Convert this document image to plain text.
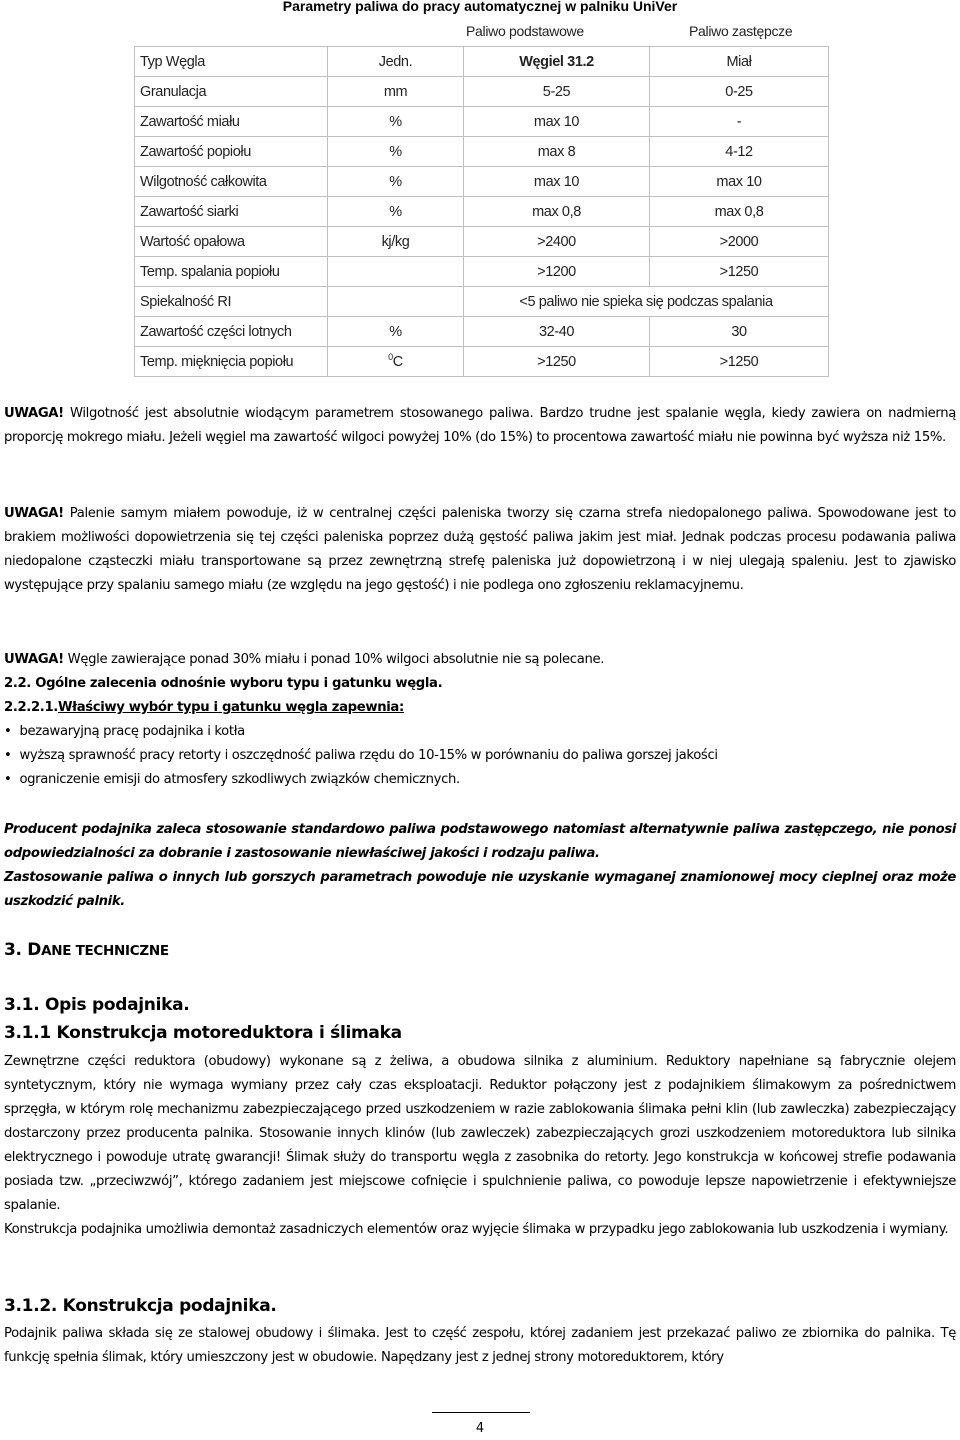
Parametry paliwa do pracy automatycznej w palniku UniVer
Paliwo podstawowe	Paliwo zastępcze
Typ Węgla	Jedn.	Węgiel 31.2	Miał
Granulacja	mm	5-25	0-25
Zawartość miału	%	max 10	-
Zawartość popiołu	%	max 8	4-12
Wilgotność całkowita	%	max 10	max 10
Zawartość siarki	%	max 0,8	max 0,8
Wartość opałowa	kj/kg	>2400	>2000
Temp. spalania popiołu		>1200	>1250
Spiekalność RI		<5 paliwo nie spieka się podczas spalania	
Zawartość części lotnych	%	32-40	30
Temp. mięknięcia popiołu	$^0$C	>1250	>1250

UWAGA! Wilgotność jest absolutnie wiodącym parametrem stosowanego paliwa. Bardzo trudne jest spalanie węgla, kiedy zawiera on nadmierną proporcję mokrego miału. Jeżeli węgiel ma zawartość wilgoci powyżej 10% (do 15%) to procentowa zawartość miału nie powinna być wyższa niż 15%.

UWAGA! Palenie samym miałem powoduje, iż w centralnej części paleniska tworzy się czarna strefa niedopalonego paliwa. Spowodowane jest to brakiem możliwości dopowietrzenia się tej części paleniska poprzez dużą gęstość paliwa jakim jest miał. Jednak podczas procesu podawania paliwa niedopalone cząsteczki miału transportowane są przez zewnętrzną strefę paleniska już dopowietrzoną i w niej ulegają spaleniu. Jest to zjawisko występujące przy spalaniu samego miału (ze względu na jego gęstość) i nie podlega ono zgłoszeniu reklamacyjnemu.

UWAGA! Węgle zawierające ponad 30% miału i ponad 10% wilgoci absolutnie nie są polecane.

2.2. Ogólne zalecenia odnośnie wyboru typu i gatunku węgla.

2.2.2.1.Właściwy wybór typu i gatunku węgla zapewnia:

• bezawaryjną pracę podajnika i kotła

• wyższą sprawność pracy retorty i oszczędność paliwa rzędu do 10-15% w porównaniu do paliwa gorszej jakości

• ograniczenie emisji do atmosfery szkodliwych związków chemicznych.

Producent podajnika zaleca stosowanie standardowo paliwa podstawowego natomiast alternatywnie paliwa zastępczego, nie ponosi odpowiedzialności za dobranie i zastosowanie niewłaściwej jakości i rodzaju paliwa.

Zastosowanie paliwa o innych lub gorszych parametrach powoduje nie uzyskanie wymaganej znamionowej mocy cieplnej oraz może uszkodzić palnik.

3. DANE TECHNICZNE
3.1. Opis podajnika.
3.1.1 Konstrukcja motoreduktora i ślimaka

Zewnętrzne części reduktora (obudowy) wykonane są z żeliwa, a obudowa silnika z aluminium. Reduktory napełniane są fabrycznie olejem syntetycznym, który nie wymaga wymiany przez cały czas eksploatacji. Reduktor połączony jest z podajnikiem ślimakowym za pośrednictwem sprzęgła, w którym rolę mechanizmu zabezpieczającego przed uszkodzeniem w razie zablokowania ślimaka pełni klin (lub zawleczka) zabezpieczający dostarczony przez producenta palnika. Stosowanie innych klinów (lub zawleczek) zabezpieczających grozi uszkodzeniem motoreduktora lub silnika elektrycznego i powoduje utratę gwarancji! Ślimak służy do transportu węgla z zasobnika do retorty. Jego konstrukcja w końcowej strefie podawania posiada tzw. „przeciwzwój”, którego zadaniem jest miejscowe cofnięcie i spulchnienie paliwa, co powoduje lepsze napowietrzenie i efektywniejsze spalanie.

Konstrukcja podajnika umożliwia demontaż zasadniczych elementów oraz wyjęcie ślimaka w przypadku jego zablokowania lub uszkodzenia i wymiany.

3.1.2. Konstrukcja podajnika.

Podajnik paliwa składa się ze stalowej obudowy i ślimaka. Jest to część zespołu, której zadaniem jest przekazać paliwo ze zbiornika do palnika. Tę funkcję spełnia ślimak, który umieszczony jest w obudowie. Napędzany jest z jednej strony motoreduktorem, który

4
